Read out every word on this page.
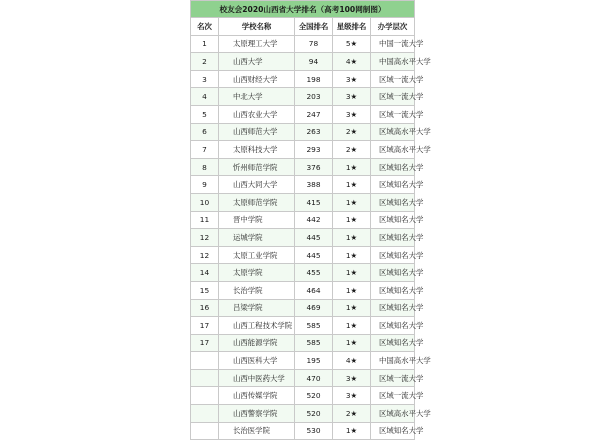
校友会2020山西省大学排名（高考100网制图）				
名次	学校名称	全国排名	星级排名	办学层次
1	太原理工大学	78	5★	中国一流大学
2	山西大学	94	4★	中国高水平大学
3	山西财经大学	198	3★	区域一流大学
4	中北大学	203	3★	区域一流大学
5	山西农业大学	247	3★	区域一流大学
6	山西师范大学	263	2★	区域高水平大学
7	太原科技大学	293	2★	区域高水平大学
8	忻州师范学院	376	1★	区域知名大学
9	山西大同大学	388	1★	区域知名大学
10	太原师范学院	415	1★	区域知名大学
11	晋中学院	442	1★	区域知名大学
12	运城学院	445	1★	区域知名大学
12	太原工业学院	445	1★	区域知名大学
14	太原学院	455	1★	区域知名大学
15	长治学院	464	1★	区域知名大学
16	吕梁学院	469	1★	区域知名大学
17	山西工程技术学院	585	1★	区域知名大学
17	山西能源学院	585	1★	区域知名大学
	山西医科大学	195	4★	中国高水平大学
	山西中医药大学	470	3★	区域一流大学
	山西传媒学院	520	3★	区域一流大学
	山西警察学院	520	2★	区域高水平大学
	长治医学院	530	1★	区域知名大学
